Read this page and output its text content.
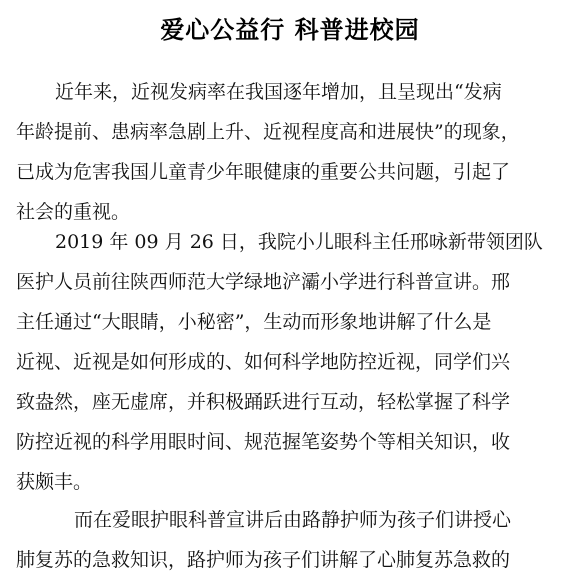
爱心公益行 科普进校园
近年来，近视发病率在我国逐年增加，且呈现出“发病
年龄提前、患病率急剧上升、近视程度高和进展快”的现象，
已成为危害我国儿童青少年眼健康的重要公共问题，引起了
社会的重视。
2019 年 09 月 26 日，我院小儿眼科主任邢咏新带领团队
医护人员前往陕西师范大学绿地浐灞小学进行科普宣讲。邢
主任通过“大眼睛，小秘密”，生动而形象地讲解了什么是
近视、近视是如何形成的、如何科学地防控近视，同学们兴
致盎然，座无虚席，并积极踊跃进行互动，轻松掌握了科学
防控近视的科学用眼时间、规范握笔姿势个等相关知识，收
获颇丰。
而在爱眼护眼科普宣讲后由路静护师为孩子们讲授心
肺复苏的急救知识，路护师为孩子们讲解了心肺复苏急救的
